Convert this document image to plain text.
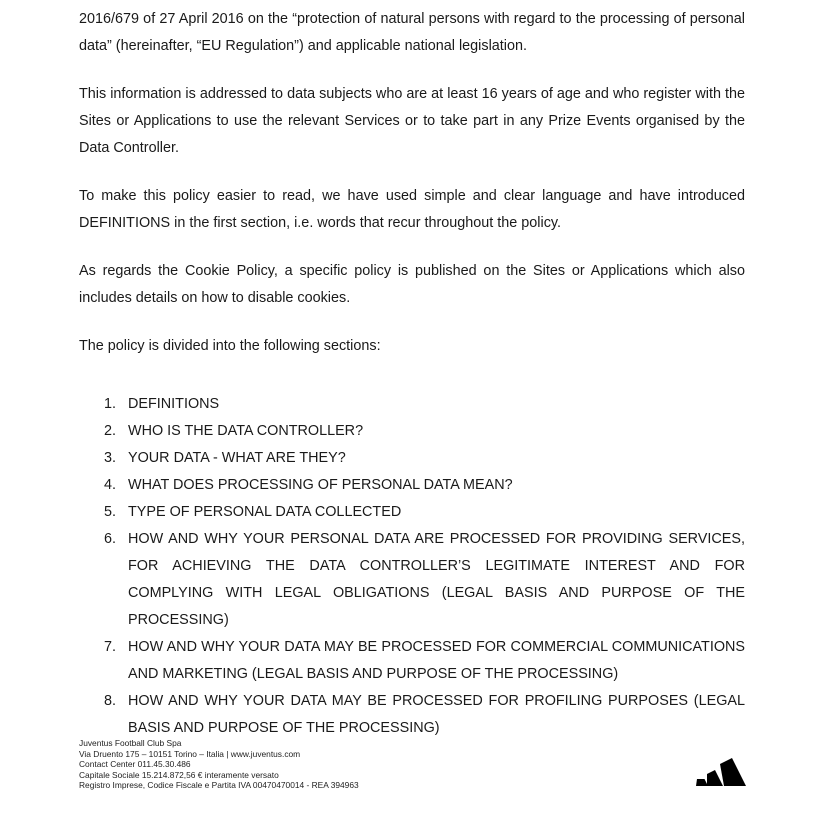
2016/679 of 27 April 2016 on the “protection of natural persons with regard to the processing of personal data” (hereinafter, “EU Regulation”) and applicable national legislation.

This information is addressed to data subjects who are at least 16 years of age and who register with the Sites or Applications to use the relevant Services or to take part in any Prize Events organised by the Data Controller.

To make this policy easier to read, we have used simple and clear language and have introduced DEFINITIONS in the first section, i.e. words that recur throughout the policy.

As regards the Cookie Policy, a specific policy is published on the Sites or Applications which also includes details on how to disable cookies.

The policy is divided into the following sections:

1. DEFINITIONS
2. WHO IS THE DATA CONTROLLER?
3. YOUR DATA - WHAT ARE THEY?
4. WHAT DOES PROCESSING OF PERSONAL DATA MEAN?
5. TYPE OF PERSONAL DATA COLLECTED
6. HOW AND WHY YOUR PERSONAL DATA ARE PROCESSED FOR PROVIDING SERVICES, FOR ACHIEVING THE DATA CONTROLLER’S LEGITIMATE INTEREST AND FOR COMPLYING WITH LEGAL OBLIGATIONS (LEGAL BASIS AND PURPOSE OF THE PROCESSING)
7. HOW AND WHY YOUR DATA MAY BE PROCESSED FOR COMMERCIAL COMMUNICATIONS AND MARKETING (LEGAL BASIS AND PURPOSE OF THE PROCESSING)
8. HOW AND WHY YOUR DATA MAY BE PROCESSED FOR PROFILING PURPOSES (LEGAL BASIS AND PURPOSE OF THE PROCESSING)
Juventus Football Club Spa
Via Druento 175 – 10151 Torino – Italia | www.juventus.com
Contact Center 011.45.30.486
Capitale Sociale 15.214.872,56 € interamente versato
Registro Imprese, Codice Fiscale e Partita IVA 00470470014 - REA 394963
